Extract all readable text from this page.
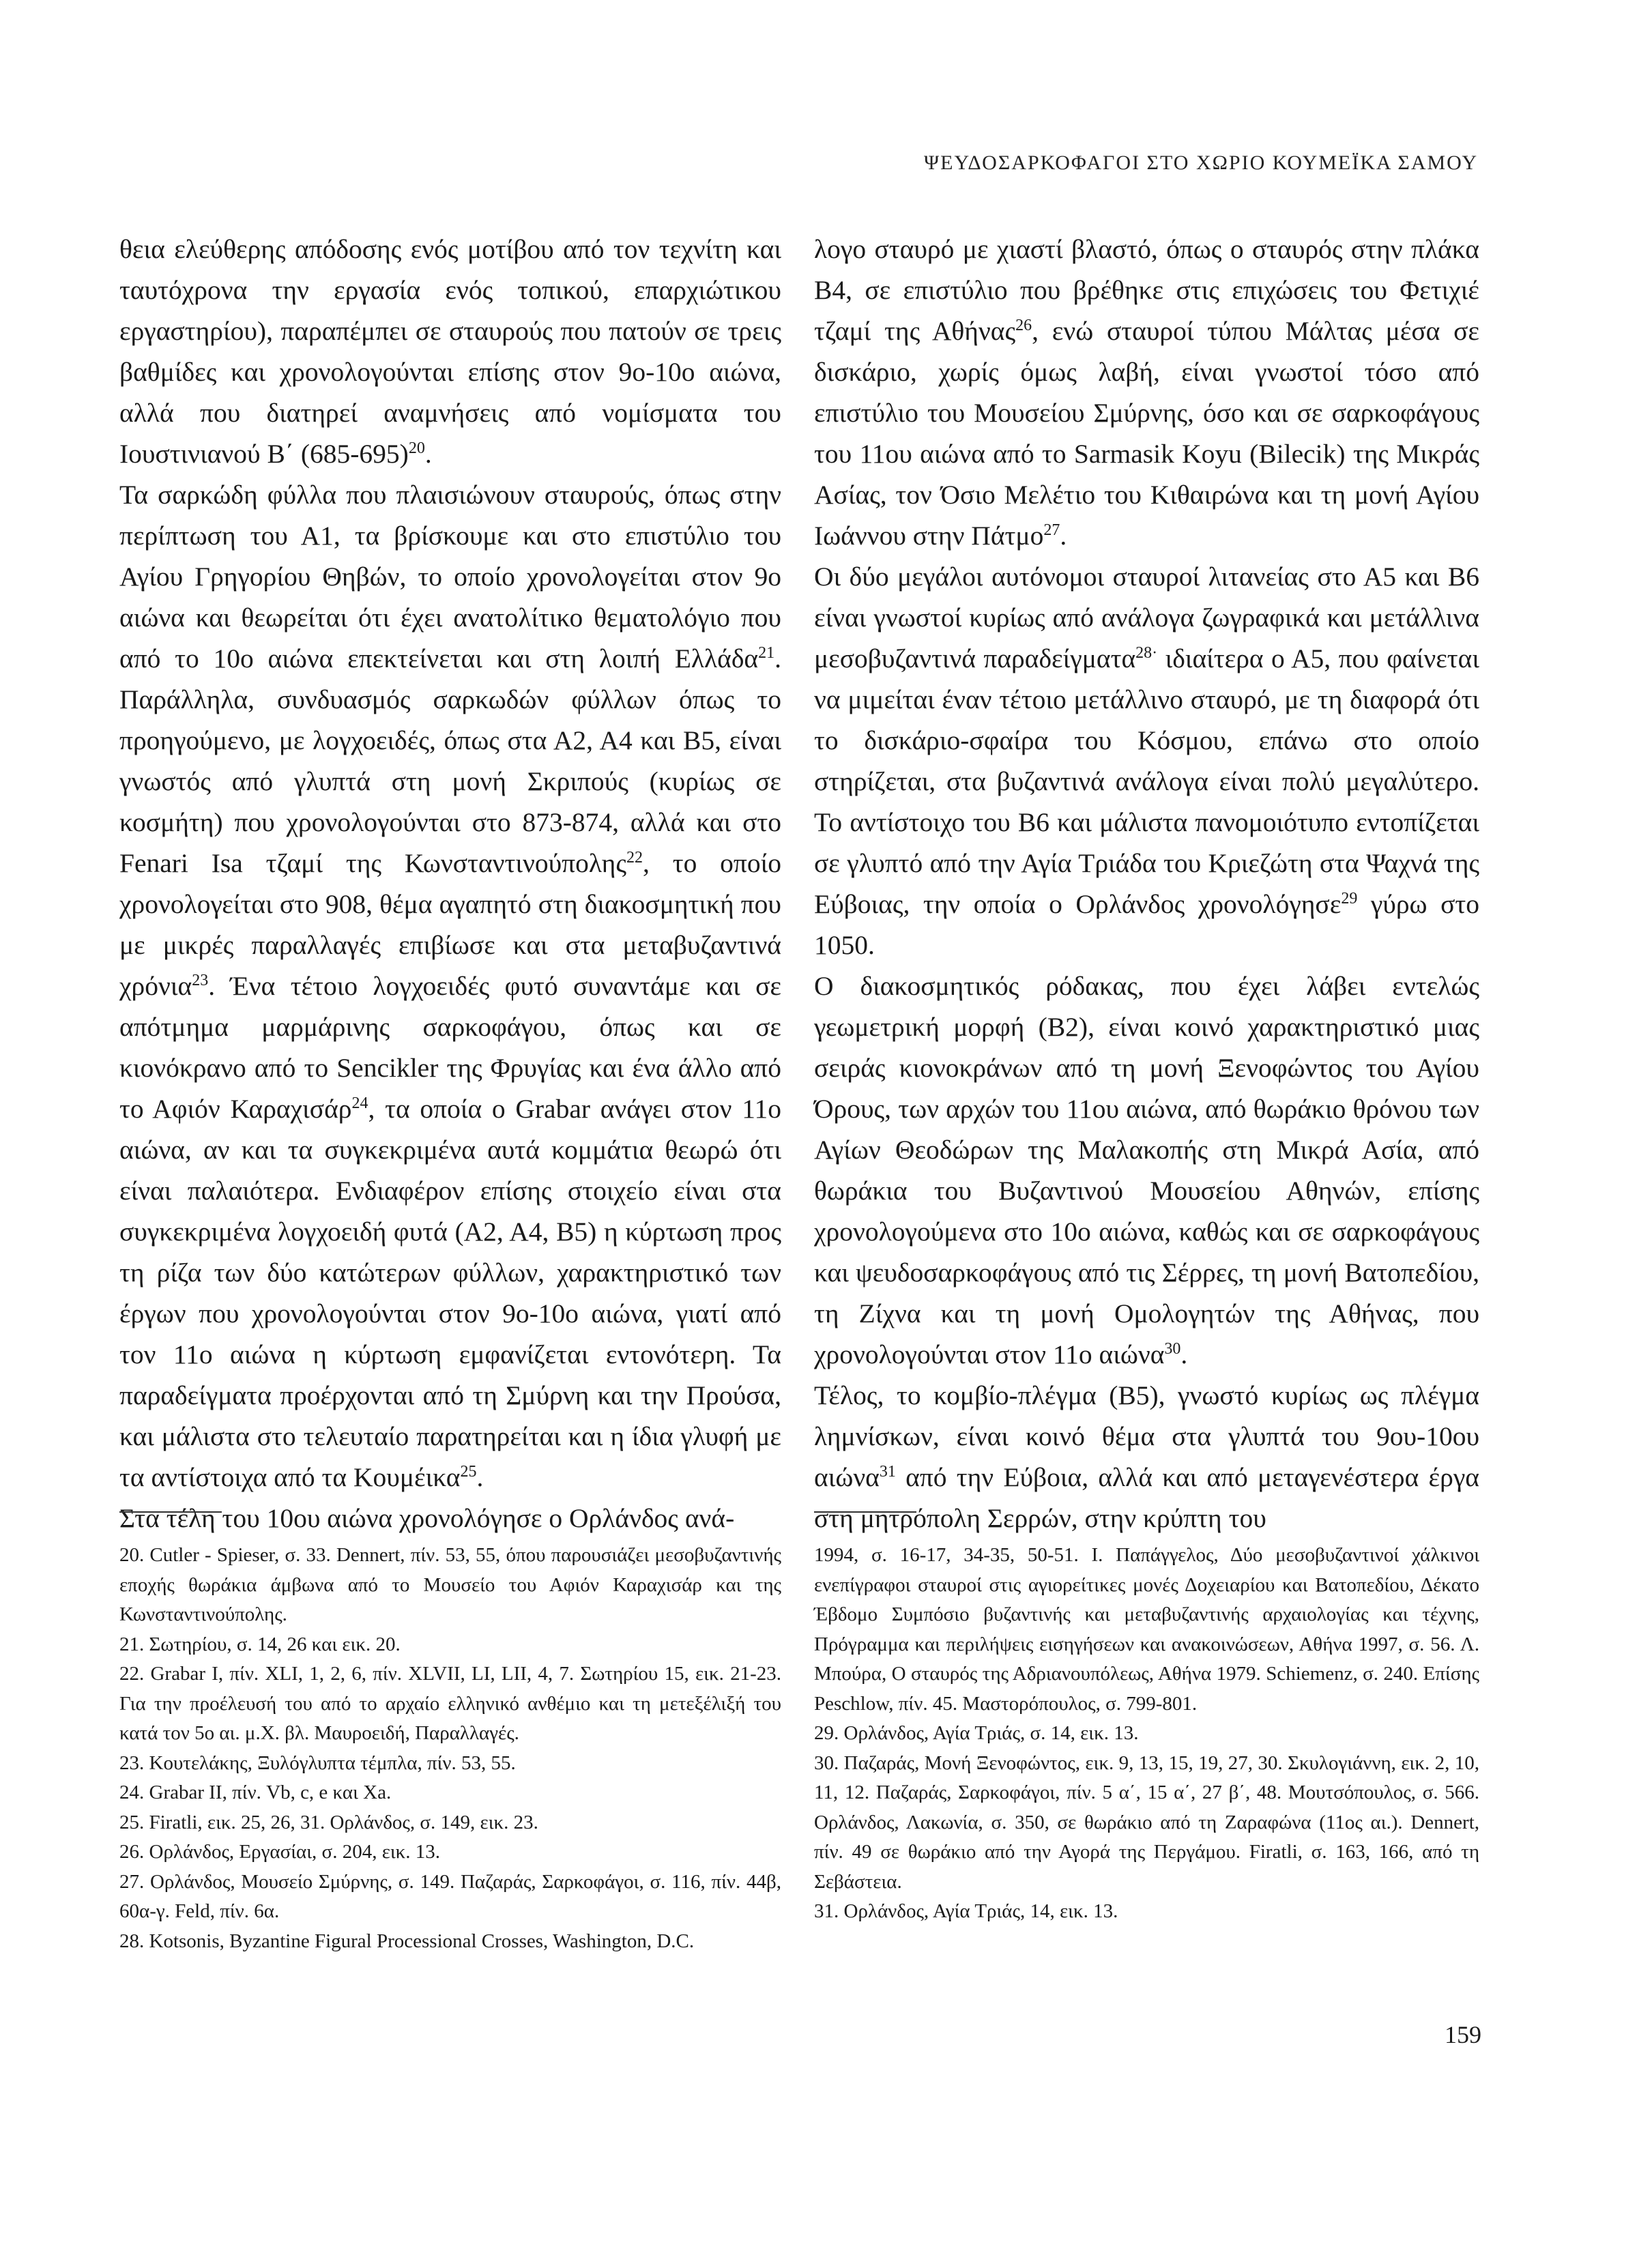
ΨΕΥΔΟΣΑΡΚΟΦΑΓΟΙ ΣΤΟ ΧΩΡΙΟ ΚΟΥΜΕΪΚΑ ΣΑΜΟΥ

θεια ελεύθερης απόδοσης ενός μοτίβου από τον τεχνίτη και ταυτόχρονα την εργασία ενός τοπικού, επαρχιώτικου εργαστηρίου), παραπέμπει σε σταυρούς που πατούν σε τρεις βαθμίδες και χρονολογούνται επίσης στον 9ο-10ο αιώνα, αλλά που διατηρεί αναμνήσεις από νομίσματα του Ιουστινιανού Β΄ $(685-695)^{20}$.

Τα σαρκώδη φύλλα που πλαισιώνουν σταυρούς, όπως στην περίπτωση του Α1, τα βρίσκουμε και στο επιστύλιο του Αγίου Γρηγορίου Θηβών, το οποίο χρονολογείται στον 9ο αιώνα και θεωρείται ότι έχει ανατολίτικο θεματολόγιο που από το 10ο αιώνα επεκτείνεται και στη λοιπή Ελλάδα$^{21}$. Παράλληλα, συνδυασμός σαρκωδών φύλλων όπως το προηγούμενο, με λογχοειδές, όπως στα Α2, Α4 και Β5, είναι γνωστός από γλυπτά στη μονή Σκριπούς (κυρίως σε κοσμήτη) που χρονολογούνται στο 873-874, αλλά και στο Fenari Isa τζαμί της Κωνσταντινούπολης$^{22}$, το οποίο χρονολογείται στο 908, θέμα αγαπητό στη διακοσμητική που με μικρές παραλλαγές επιβίωσε και στα μεταβυζαντινά χρόνια$^{23}$. Ένα τέτοιο λογχοειδές φυτό συναντάμε και σε απότμημα μαρμάρινης σαρκοφάγου, όπως και σε κιονόκρανο από το Sencikler της Φρυγίας και ένα άλλο από το Αφιόν Καραχισάρ$^{24}$, τα οποία ο Grabar ανάγει στον 11ο αιώνα, αν και τα συγκεκριμένα αυτά κομμάτια θεωρώ ότι είναι παλαιότερα. Ενδιαφέρον επίσης στοιχείο είναι στα συγκεκριμένα λογχοειδή φυτά (Α2, Α4, Β5) η κύρτωση προς τη ρίζα των δύο κατώτερων φύλλων, χαρακτηριστικό των έργων που χρονολογούνται στον 9ο-10ο αιώνα, γιατί από τον 11ο αιώνα η κύρτωση εμφανίζεται εντονότερη. Τα παραδείγματα προέρχονται από τη Σμύρνη και την Προύσα, και μάλιστα στο τελευταίο παρατηρείται και η ίδια γλυφή με τα αντίστοιχα από τα Κουμέικα$^{25}$.

Στα τέλη του 10ου αιώνα χρονολόγησε ο Ορλάνδος ανά-

λογο σταυρό με χιαστί βλαστό, όπως ο σταυρός στην πλάκα Β4, σε επιστύλιο που βρέθηκε στις επιχώσεις του Φετιχιέ τζαμί της Αθήνας$^{26}$, ενώ σταυροί τύπου Μάλτας μέσα σε δισκάριο, χωρίς όμως λαβή, είναι γνωστοί τόσο από επιστύλιο του Μουσείου Σμύρνης, όσο και σε σαρκοφάγους του 11ου αιώνα από το Sarmasik Koyu (Bilecik) της Μικράς Ασίας, τον Όσιο Μελέτιο του Κιθαιρώνα και τη μονή Αγίου Ιωάννου στην Πάτμο$^{27}$.

Οι δύο μεγάλοι αυτόνομοι σταυροί λιτανείας στο Α5 και Β6 είναι γνωστοί κυρίως από ανάλογα ζωγραφικά και μετάλλινα μεσοβυζαντινά παραδείγματα$^{28\cdot}$ ιδιαίτερα ο Α5, που φαίνεται να μιμείται έναν τέτοιο μετάλλινο σταυρό, με τη διαφορά ότι το δισκάριο-σφαίρα του Κόσμου, επάνω στο οποίο στηρίζεται, στα βυζαντινά ανάλογα είναι πολύ μεγαλύτερο. Το αντίστοιχο του Β6 και μάλιστα πανομοιότυπο εντοπίζεται σε γλυπτό από την Αγία Τριάδα του Κριεζώτη στα Ψαχνά της Εύβοιας, την οποία ο Ορλάνδος χρονολόγησε$^{29}$ γύρω στο 1050.

Ο διακοσμητικός ρόδακας, που έχει λάβει εντελώς γεωμετρική μορφή (Β2), είναι κοινό χαρακτηριστικό μιας σειράς κιονοκράνων από τη μονή Ξενοφώντος του Αγίου Όρους, των αρχών του 11ου αιώνα, από θωράκιο θρόνου των Αγίων Θεοδώρων της Μαλακοπής στη Μικρά Ασία, από θωράκια του Βυζαντινού Μουσείου Αθηνών, επίσης χρονολογούμενα στο 10ο αιώνα, καθώς και σε σαρκοφάγους και ψευδοσαρκοφάγους από τις Σέρρες, τη μονή Βατοπεδίου, τη Ζίχνα και τη μονή Ομολογητών της Αθήνας, που χρονολογούνται στον 11ο αιώνα$^{30}$.

Τέλος, το κομβίο-πλέγμα (Β5), γνωστό κυρίως ως πλέγμα λημνίσκων, είναι κοινό θέμα στα γλυπτά του 9ου-10ου αιώνα$^{31}$ από την Εύβοια, αλλά και από μεταγενέστερα έργα στη μητρόπολη Σερρών, στην κρύπτη του

20. Cutler - Spieser, σ. 33. Dennert, πίν. 53, 55, όπου παρουσιάζει μεσοβυζαντινής εποχής θωράκια άμβωνα από το Μουσείο του Αφιόν Καραχισάρ και της Κωνσταντινούπολης.

21. Σωτηρίου, σ. 14, 26 και εικ. 20.

22. Grabar I, πίν. XLI, 1, 2, 6, πίν. XLVII, LI, LII, 4, 7. Σωτηρίου 15, εικ. 21-23. Για την προέλευσή του από το αρχαίο ελληνικό ανθέμιο και τη μετεξέλιξή του κατά τον 5ο αι. μ.Χ. βλ. Μαυροειδή, Παραλλαγές.

23. Κουτελάκης, Ξυλόγλυπτα τέμπλα, πίν. 53, 55.

24. Grabar II, πίν. Vb, c, e και Xa.

25. Firatli, εικ. 25, 26, 31. Ορλάνδος, σ. 149, εικ. 23.

26. Ορλάνδος, Εργασίαι, σ. 204, εικ. 13.

27. Ορλάνδος, Μουσείο Σμύρνης, σ. 149. Παζαράς, Σαρκοφάγοι, σ. 116, πίν. 44β, 60α-γ. Feld, πίν. 6α.

28. Kotsonis, Byzantine Figural Processional Crosses, Washington, D.C.

1994, σ. 16-17, 34-35, 50-51. Ι. Παπάγγελος, Δύο μεσοβυζαντινοί χάλκινοι ενεπίγραφοι σταυροί στις αγιορείτικες μονές Δοχειαρίου και Βατοπεδίου, Δέκατο Έβδομο Συμπόσιο βυζαντινής και μεταβυζαντινής αρχαιολογίας και τέχνης, Πρόγραμμα και περιλήψεις εισηγήσεων και ανακοινώσεων, Αθήνα 1997, σ. 56. Λ. Μπούρα, Ο σταυρός της Αδριανουπόλεως, Αθήνα 1979. Schiemenz, σ. 240. Επίσης Peschlow, πίν. 45. Μαστορόπουλος, σ. 799-801.

29. Ορλάνδος, Αγία Τριάς, σ. 14, εικ. 13.

30. Παζαράς, Μονή Ξενοφώντος, εικ. 9, 13, 15, 19, 27, 30. Σκυλογιάννη, εικ. 2, 10, 11, 12. Παζαράς, Σαρκοφάγοι, πίν. 5 α΄, 15 α΄, 27 β΄, 48. Μουτσόπουλος, σ. 566. Ορλάνδος, Λακωνία, σ. 350, σε θωράκιο από τη Ζαραφώνα (11ος αι.). Dennert, πίν. 49 σε θωράκιο από την Αγορά της Περγάμου. Firatli, σ. 163, 166, από τη Σεβάστεια.

31. Ορλάνδος, Αγία Τριάς, 14, εικ. 13.

159
